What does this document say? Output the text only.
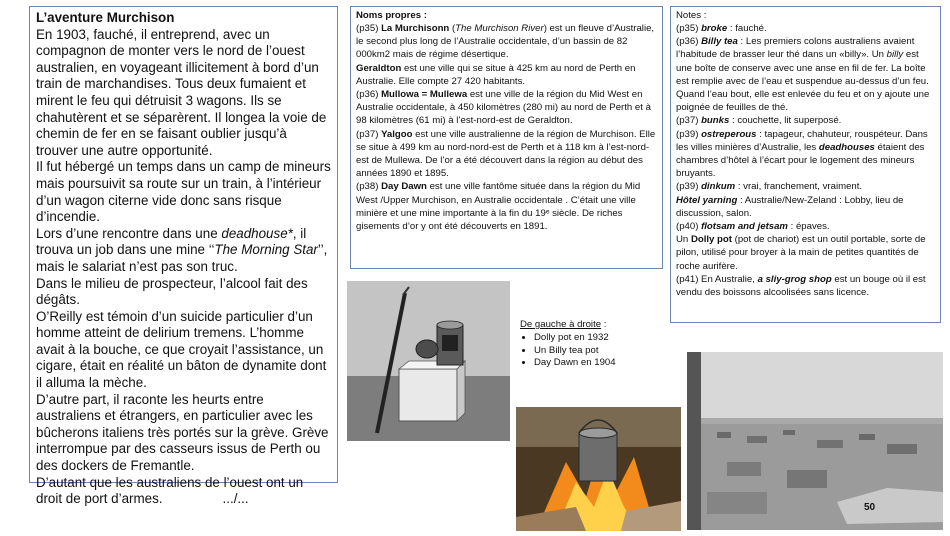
L’aventure Murchison

En 1903, fauché, il entreprend, avec un compagnon de monter vers le nord de l’ouest australien, en voyageant illicitement à bord d’un train de marchandises. Tous deux fumaient et mirent le feu qui détruisit 3 wagons. Ils se chahutèrent et se séparèrent. Il longea la voie de chemin de fer en se faisant oublier jusqu’à trouver une autre opportunité.

Il fut hébergé un temps dans un camp de mineurs mais poursuivit sa route sur un train, à l’intérieur d’un wagon citerne vide donc sans risque d’incendie.

Lors d’une rencontre dans une deadhouse*, il trouva un job dans une mine ‘‘The Morning Star’’, mais le salariat n’est pas son truc.

Dans le milieu de prospecteur, l’alcool fait des dégâts.

O’Reilly est témoin d’un suicide particulier d’un homme atteint de delirium tremens. L’homme avait à la bouche, ce que croyait l’assistance, un cigare, était en réalité un bâton de dynamite dont il alluma la mèche.

D’autre part, il raconte les heurts entre australiens et étrangers, en particulier avec les bûcherons italiens très portés sur la grève. Grève interrompue par des casseurs issus de Perth ou des dockers de Fremantle.

D’autant que les australiens de l’ouest ont un droit de port d’armes.	.../...

Noms propres :

(p35) La Murchisonn (The Murchison River) est un fleuve d’Australie, le second plus long de l’Australie occidentale, d’un bassin de 82 000km2 mais de régime désertique.

Geraldton est une ville qui se situe à 425 km au nord de Perth en Australie. Elle compte 27 420 habitants.

(p36) Mullowa = Mullewa est une ville de la région du Mid West en Australie occidentale, à 450 kilomètres (280 mi) au nord de Perth et à 98 kilomètres (61 mi) à l’est-nord-est de Geraldton.

(p37) Yalgoo est une ville australienne de la région de Murchison. Elle se situe à 499 km au nord-nord-est de Perth et à 118 km à l’est-nord-est de Mullewa. De l’or a été découvert dans la région au début des années 1890 et 1895.

(p38) Day Dawn est une ville fantôme située dans la région du Mid West /Upper Murchison, en Australie occidentale . C’était une ville minière et une mine importante à la fin du 19ᵉ siècle. De riches gisements d’or y ont été découverts en 1891.

Notes :

(p35) broke : fauché.

(p36) Billy tea : Les premiers colons australiens avaient l’habitude de brasser leur thé dans un «billy». Un billy est une boîte de conserve avec une anse en fil de fer. La boîte est remplie avec de l’eau et suspendue au-dessus d’un feu. Quand l’eau bout, elle est enlevée du feu et on y ajoute une poignée de feuilles de thé.

(p37) bunks : couchette, lit superposé.

(p39) ostreperous : tapageur, chahuteur, rouspéteur. Dans les villes minières d’Australie, les deadhouses étaient des chambres d’hôtel à l’écart pour le logement des mineurs bruyants.

(p39) dinkum : vrai, franchement, vraiment.

Hôtel yarning : Australie/New-Zeland : Lobby, lieu de discussion, salon.

(p40) flotsam and jetsam : épaves.

Un Dolly pot (pot de chariot) est un outil portable, sorte de pilon, utilisé pour broyer à la main de petites quantités de roche aurifère.

(p41) En Australie, a sliy-grog shop est un bouge où il est vendu des boissons alcoolisées sans licence.

De gauche à droite :
• Dolly pot en 1932
• Un Billy tea pot
• Day Dawn en 1904
50
